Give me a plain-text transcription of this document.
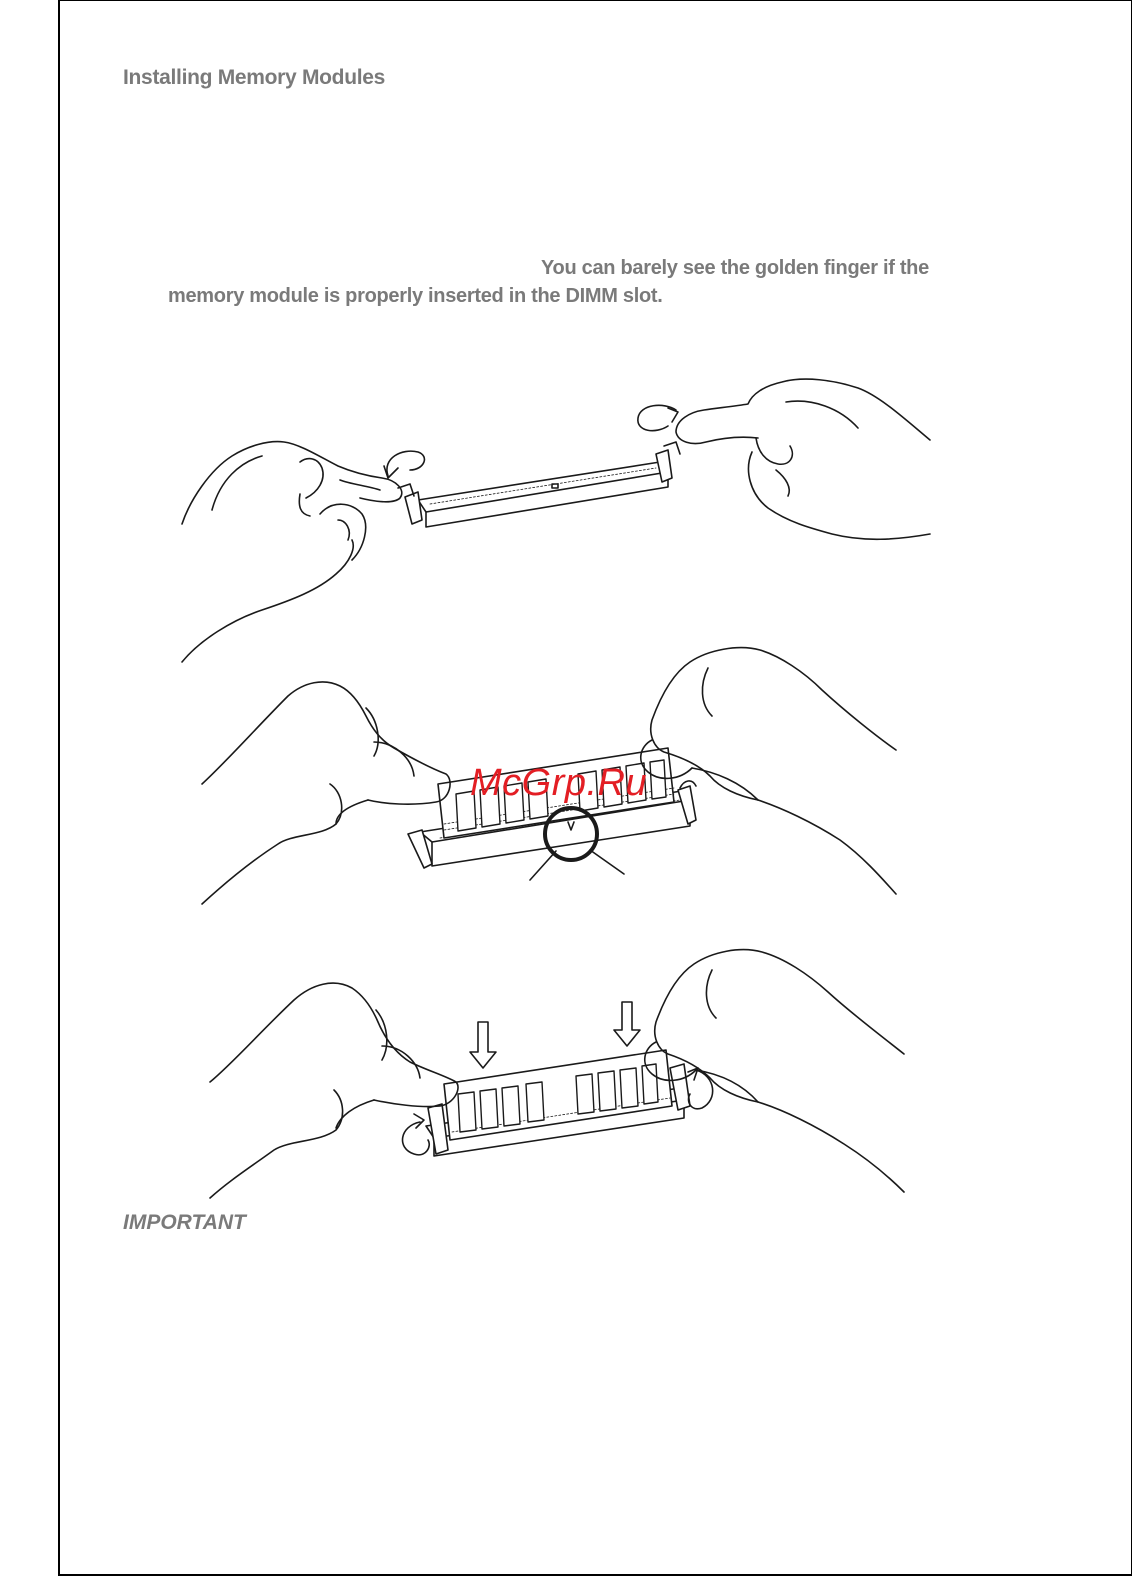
Installing Memory Modules
You can barely see the golden finger if the
memory module is properly inserted in the DIMM slot.
McGrp.Ru
IMPORTANT
